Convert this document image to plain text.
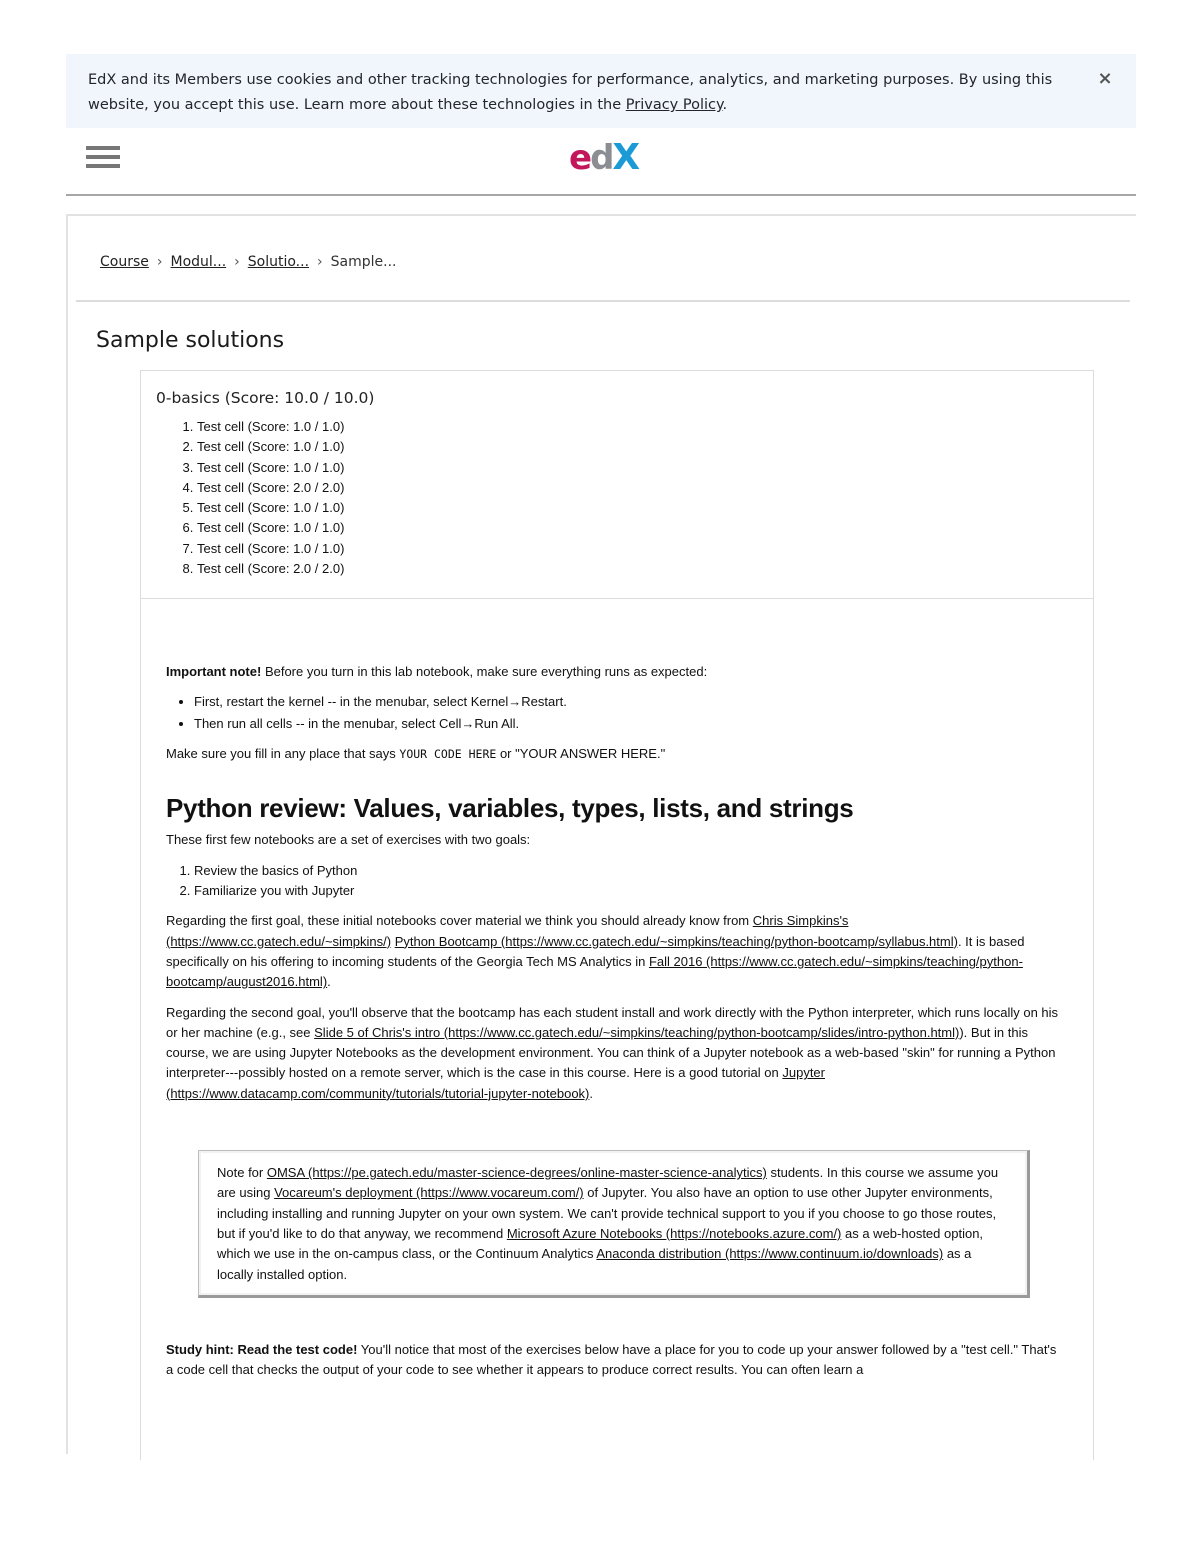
EdX and its Members use cookies and other tracking technologies for performance, analytics, and marketing purposes. By using this website, you accept this use. Learn more about these technologies in the Privacy Policy.
×
edX
Course › Modul... › Solutio... › Sample...
Sample solutions
0-basics (Score: 10.0 / 10.0)
1. Test cell (Score: 1.0 / 1.0)
2. Test cell (Score: 1.0 / 1.0)
3. Test cell (Score: 1.0 / 1.0)
4. Test cell (Score: 2.0 / 2.0)
5. Test cell (Score: 1.0 / 1.0)
6. Test cell (Score: 1.0 / 1.0)
7. Test cell (Score: 1.0 / 1.0)
8. Test cell (Score: 2.0 / 2.0)

Important note! Before you turn in this lab notebook, make sure everything runs as expected:

• First, restart the kernel -- in the menubar, select Kernel→Restart.
• Then run all cells -- in the menubar, select Cell→Run All.

Make sure you fill in any place that says YOUR CODE HERE or "YOUR ANSWER HERE."

Python review: Values, variables, types, lists, and strings

These first few notebooks are a set of exercises with two goals:

1. Review the basics of Python
2. Familiarize you with Jupyter

Regarding the first goal, these initial notebooks cover material we think you should already know from Chris Simpkins's (https://www.cc.gatech.edu/~simpkins/) Python Bootcamp (https://www.cc.gatech.edu/~simpkins/teaching/python-bootcamp/syllabus.html). It is based specifically on his offering to incoming students of the Georgia Tech MS Analytics in Fall 2016 (https://www.cc.gatech.edu/~simpkins/teaching/python-bootcamp/august2016.html).

Regarding the second goal, you'll observe that the bootcamp has each student install and work directly with the Python interpreter, which runs locally on his or her machine (e.g., see Slide 5 of Chris's intro (https://www.cc.gatech.edu/~simpkins/teaching/python-bootcamp/slides/intro-python.html)). But in this course, we are using Jupyter Notebooks as the development environment. You can think of a Jupyter notebook as a web-based "skin" for running a Python interpreter---possibly hosted on a remote server, which is the case in this course. Here is a good tutorial on Jupyter (https://www.datacamp.com/community/tutorials/tutorial-jupyter-notebook).

Note for OMSA (https://pe.gatech.edu/master-science-degrees/online-master-science-analytics) students. In this course we assume you are using Vocareum's deployment (https://www.vocareum.com/) of Jupyter. You also have an option to use other Jupyter environments, including installing and running Jupyter on your own system. We can't provide technical support to you if you choose to go those routes, but if you'd like to do that anyway, we recommend Microsoft Azure Notebooks (https://notebooks.azure.com/) as a web-hosted option, which we use in the on-campus class, or the Continuum Analytics Anaconda distribution (https://www.continuum.io/downloads) as a locally installed option.
Study hint: Read the test code! You'll notice that most of the exercises below have a place for you to code up your answer followed by a "test cell." That's a code cell that checks the output of your code to see whether it appears to produce correct results. You can often learn a
